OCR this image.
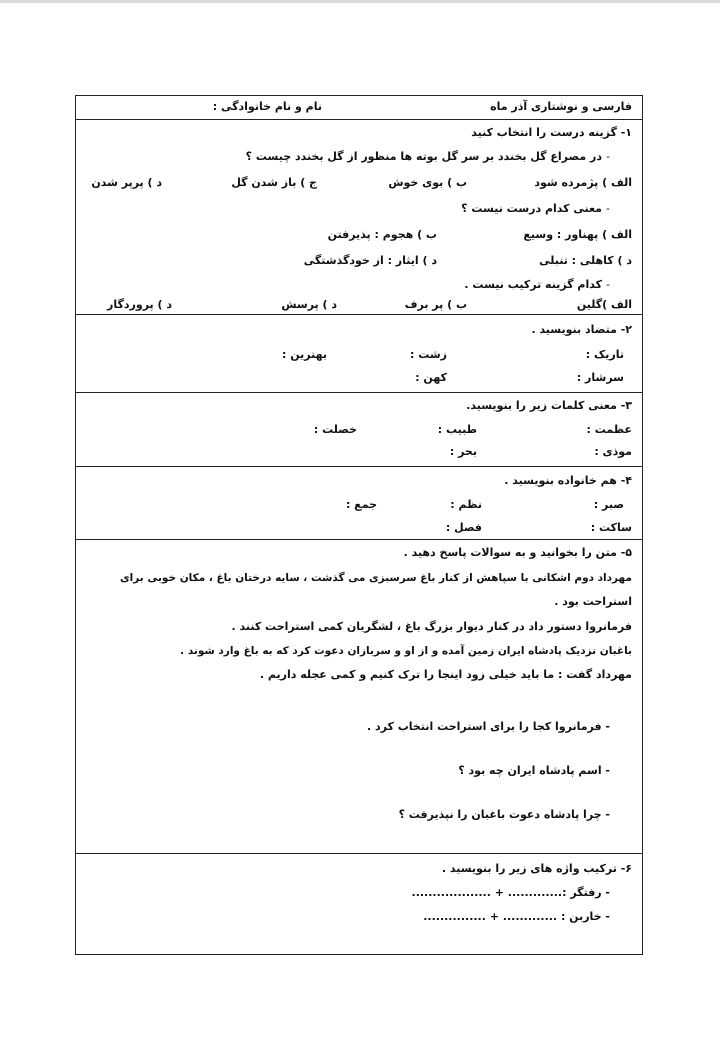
فارسی و نوشتاری آذر ماه
نام و نام خانوادگی :
۱- گزینه درست را انتخاب کنید
در مصراع گل بخندد بر سر گل بوته ها منظور از گل بخندد چیست ؟ -
الف ) پژمرده شود
ب ) بوی خوش
ج ) باز شدن گل
د ) پرپر شدن
معنی کدام درست نیست ؟ -
الف ) پهناور : وسیع
ب ) هجوم : پذیرفتن
د ) کاهلی : تنبلی
د ) ایثار : از خودگذشتگی
کدام گزینه ترکیب نیست . -
الف )گلین
ب ) پر برف
د ) پرسش
د ) پروردگار
۲- متضاد بنویسید .
تاریک :
زشت :
بهترین :
سرشار :
کهن :
۳- معنی کلمات زیر را بنویسید.
عظمت :
طبیب :
خصلت :
موذی :
بحر :
۴- هم خانواده بنویسید .
صبر :
نظم :
جمع :
ساکت :
فصل :
۵- متن را بخوانید و به سوالات پاسخ دهید .
مهرداد دوم اشکانی با سپاهش از کنار باغ سرسبزی می گذشت ، سایه درختان باغ ، مکان خوبی برای
استراحت بود .
فرمانروا دستور داد در کنار دیوار بزرگ باغ ، لشگریان کمی استراحت کنند .
باغبان نزدیک پادشاه ایران زمین آمده و از او و سربازان دعوت کرد که به باغ وارد شوند .
مهرداد گفت : ما باید خیلی زود اینجا را ترک کنیم و کمی عجله داریم .
- فرمانروا کجا را برای استراحت انتخاب کرد .
- اسم پادشاه ایران چه بود ؟
- چرا پادشاه دعوت باغبان را نپذیرفت ؟
۶- ترکیب واژه های زیر را بنویسید .
- رفتگر :............. + ...................
- خاربن : ............. + ...............
